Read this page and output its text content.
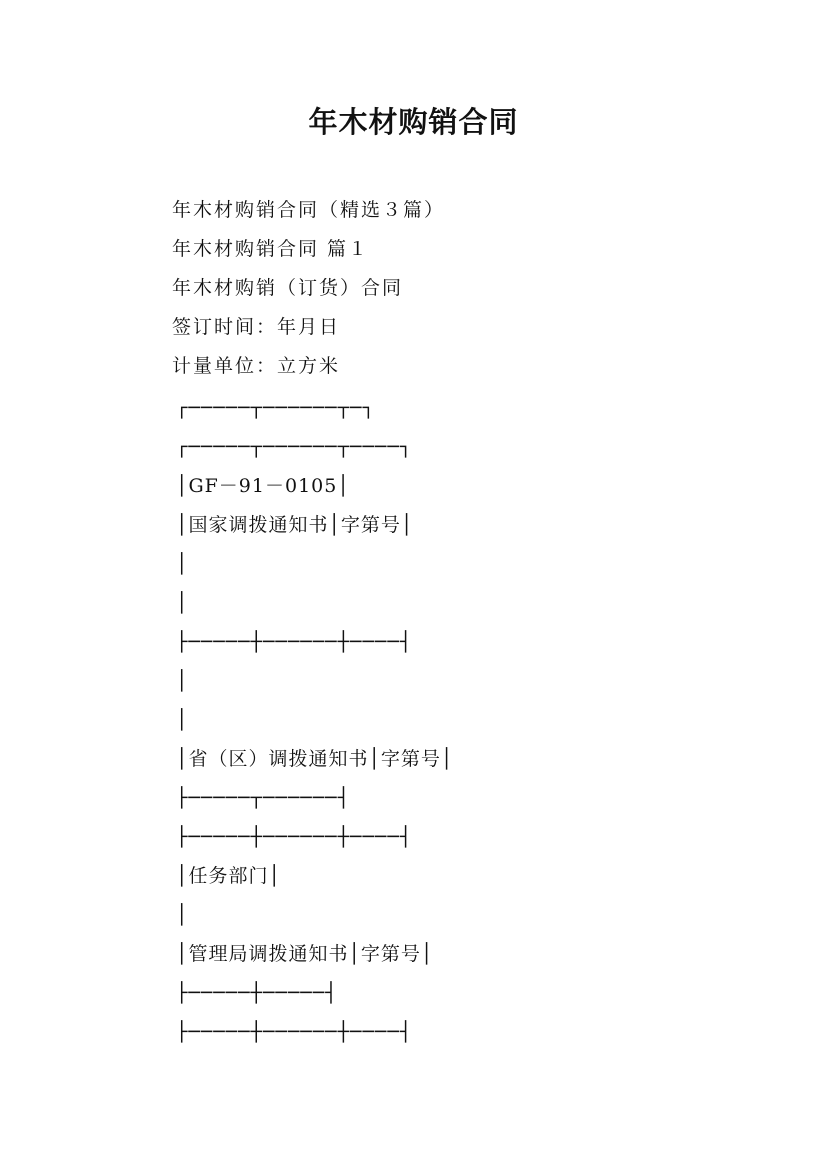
年木材购销合同
年木材购销合同（精选３篇）
年木材购销合同 篇１
年木材购销（订货）合同
签订时间：年月日
计量单位：立方米
┌─────┬──────┬─┐
┌─────┬──────┬────┐
│GF－91－0105│
│国家调拨通知书│字第号│
│
│
├─────┼──────┼────┤
│
│
│省（区）调拨通知书│字第号│
├─────┬──────┤
├─────┼──────┼────┤
│任务部门│
│
│管理局调拨通知书│字第号│
├─────┼─────┤
├─────┼──────┼────┤
